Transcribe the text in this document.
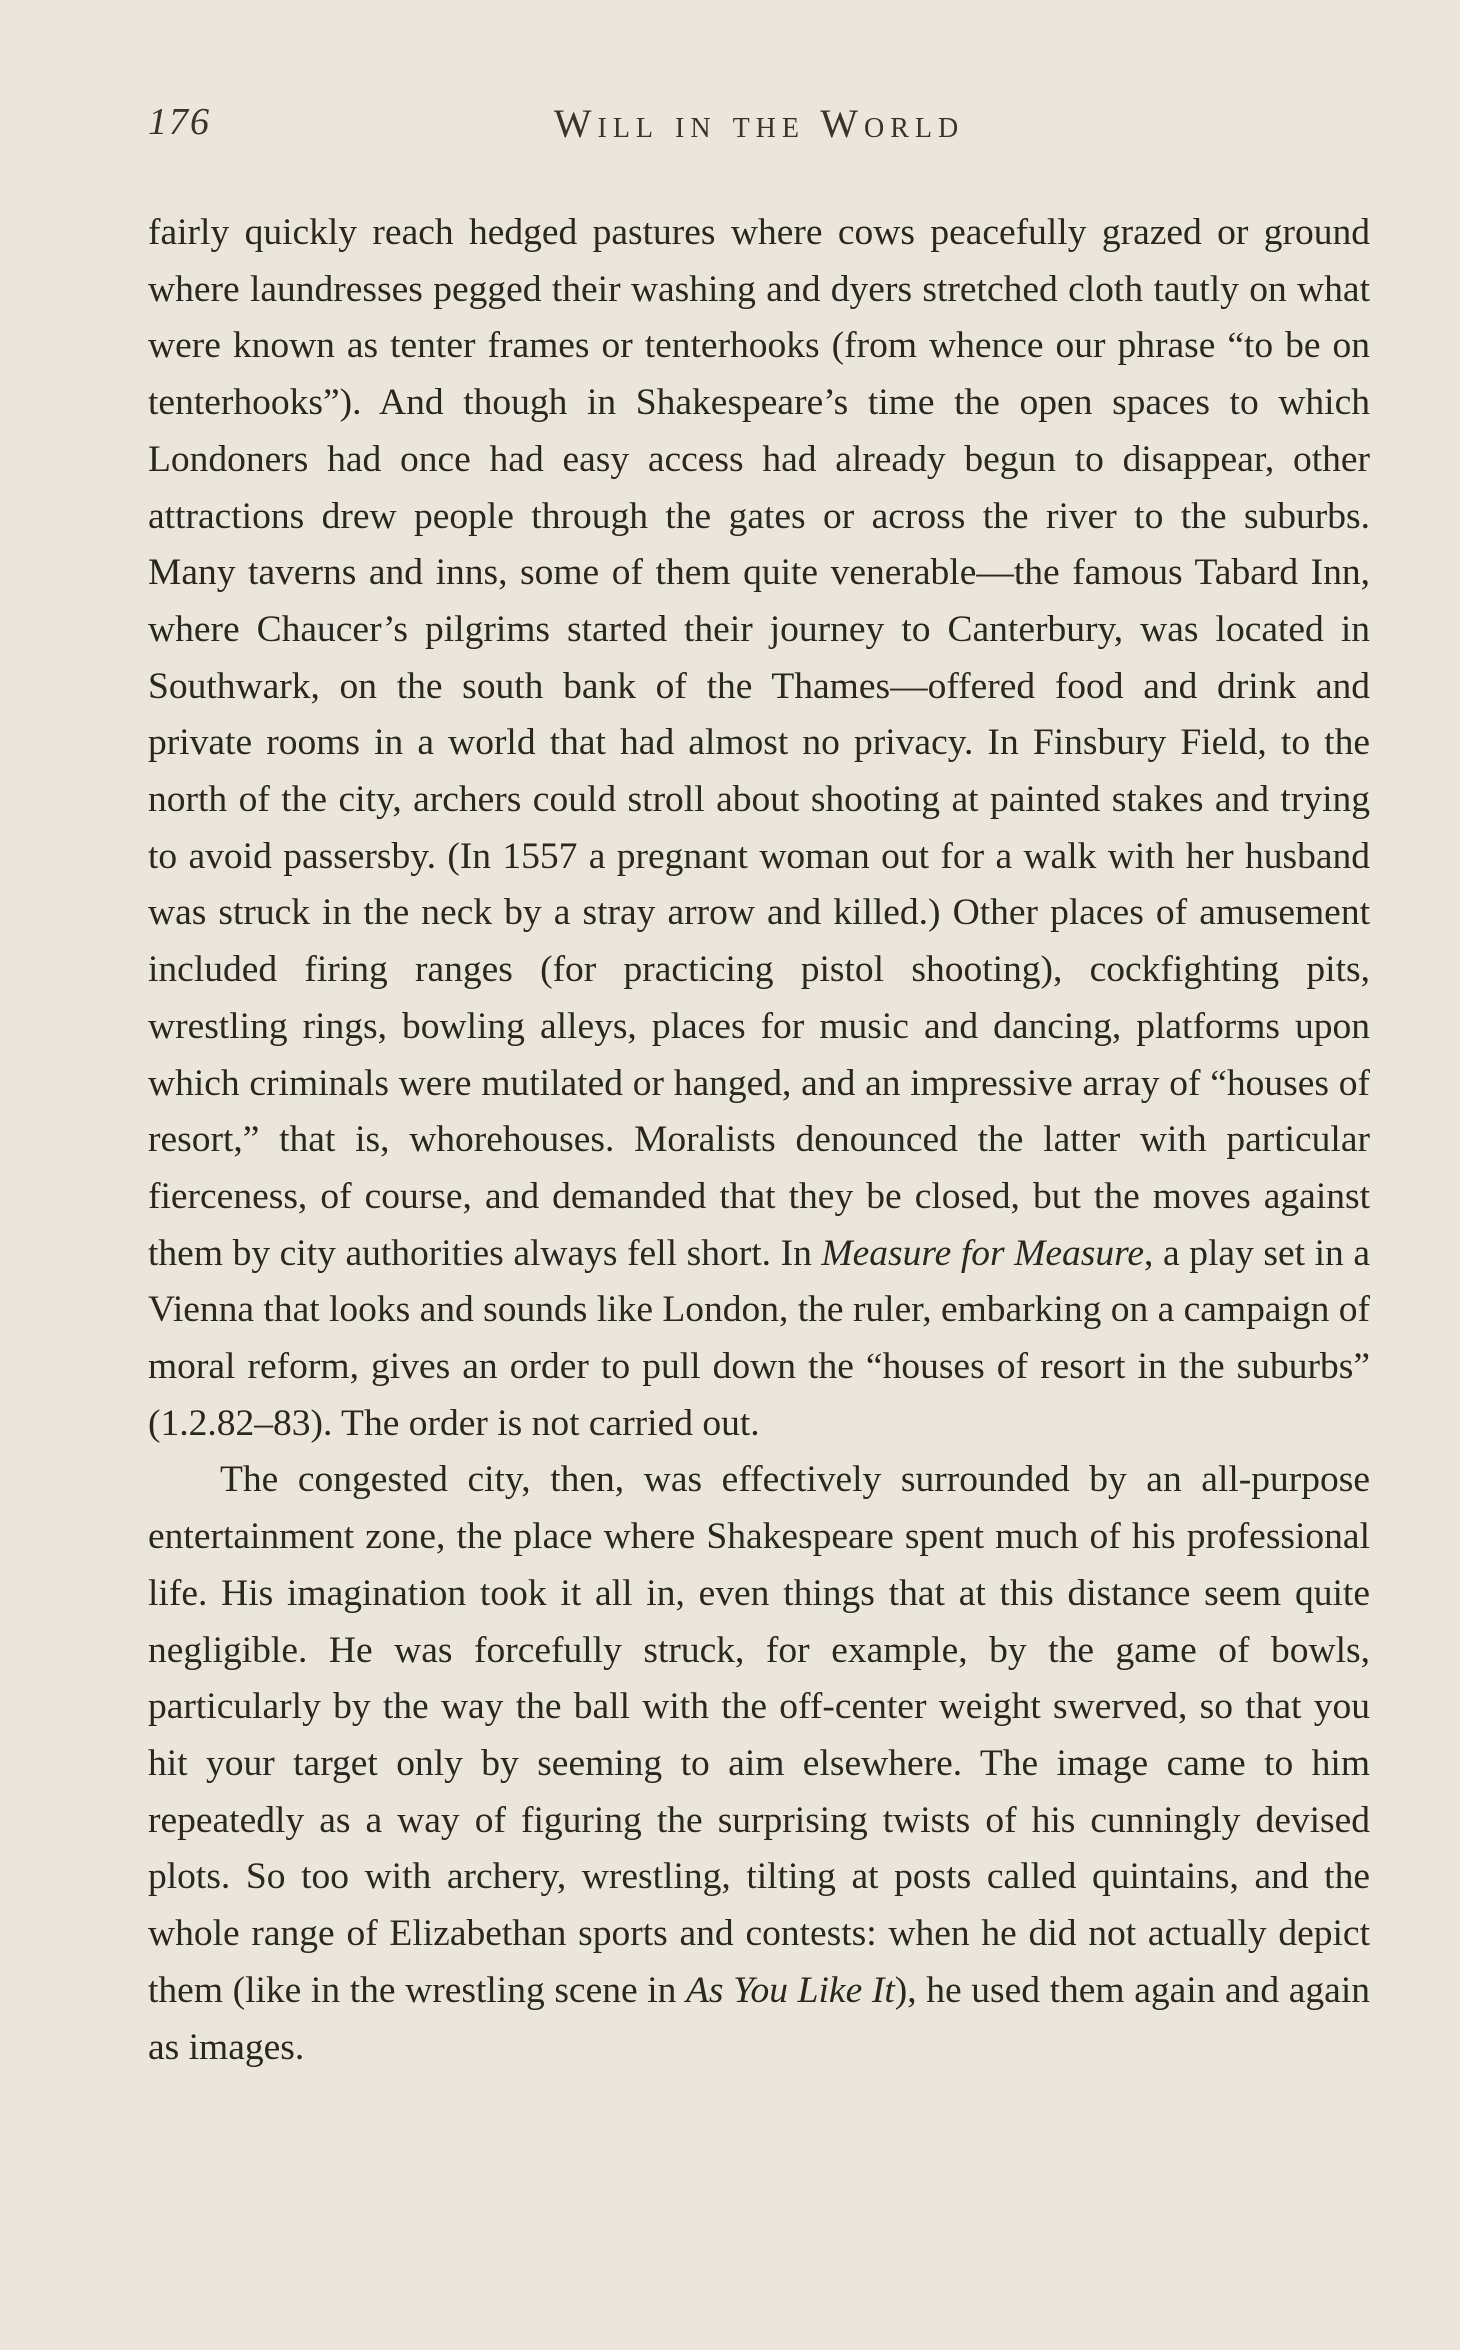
176	Will in the World

fairly quickly reach hedged pastures where cows peacefully grazed or ground where laundresses pegged their washing and dyers stretched cloth tautly on what were known as tenter frames or tenterhooks (from whence our phrase “to be on tenterhooks”). And though in Shakespeare’s time the open spaces to which Londoners had once had easy access had already begun to disappear, other attractions drew people through the gates or across the river to the suburbs. Many taverns and inns, some of them quite venerable—the famous Tabard Inn, where Chaucer’s pilgrims started their journey to Canterbury, was located in Southwark, on the south bank of the Thames—offered food and drink and private rooms in a world that had almost no privacy. In Finsbury Field, to the north of the city, archers could stroll about shooting at painted stakes and trying to avoid passersby. (In 1557 a pregnant woman out for a walk with her husband was struck in the neck by a stray arrow and killed.) Other places of amusement included firing ranges (for practicing pistol shooting), cockfighting pits, wrestling rings, bowling alleys, places for music and dancing, platforms upon which criminals were mutilated or hanged, and an impressive array of “houses of resort,” that is, whorehouses. Moralists denounced the latter with particular fierceness, of course, and demanded that they be closed, but the moves against them by city authorities always fell short. In Measure for Measure, a play set in a Vienna that looks and sounds like London, the ruler, embarking on a campaign of moral reform, gives an order to pull down the “houses of resort in the suburbs” (1.2.82–83). The order is not carried out.

The congested city, then, was effectively surrounded by an all-purpose entertainment zone, the place where Shakespeare spent much of his professional life. His imagination took it all in, even things that at this distance seem quite negligible. He was forcefully struck, for example, by the game of bowls, particularly by the way the ball with the off-center weight swerved, so that you hit your target only by seeming to aim elsewhere. The image came to him repeatedly as a way of figuring the surprising twists of his cunningly devised plots. So too with archery, wrestling, tilting at posts called quintains, and the whole range of Elizabethan sports and contests: when he did not actually depict them (like in the wrestling scene in As You Like It), he used them again and again as images.
